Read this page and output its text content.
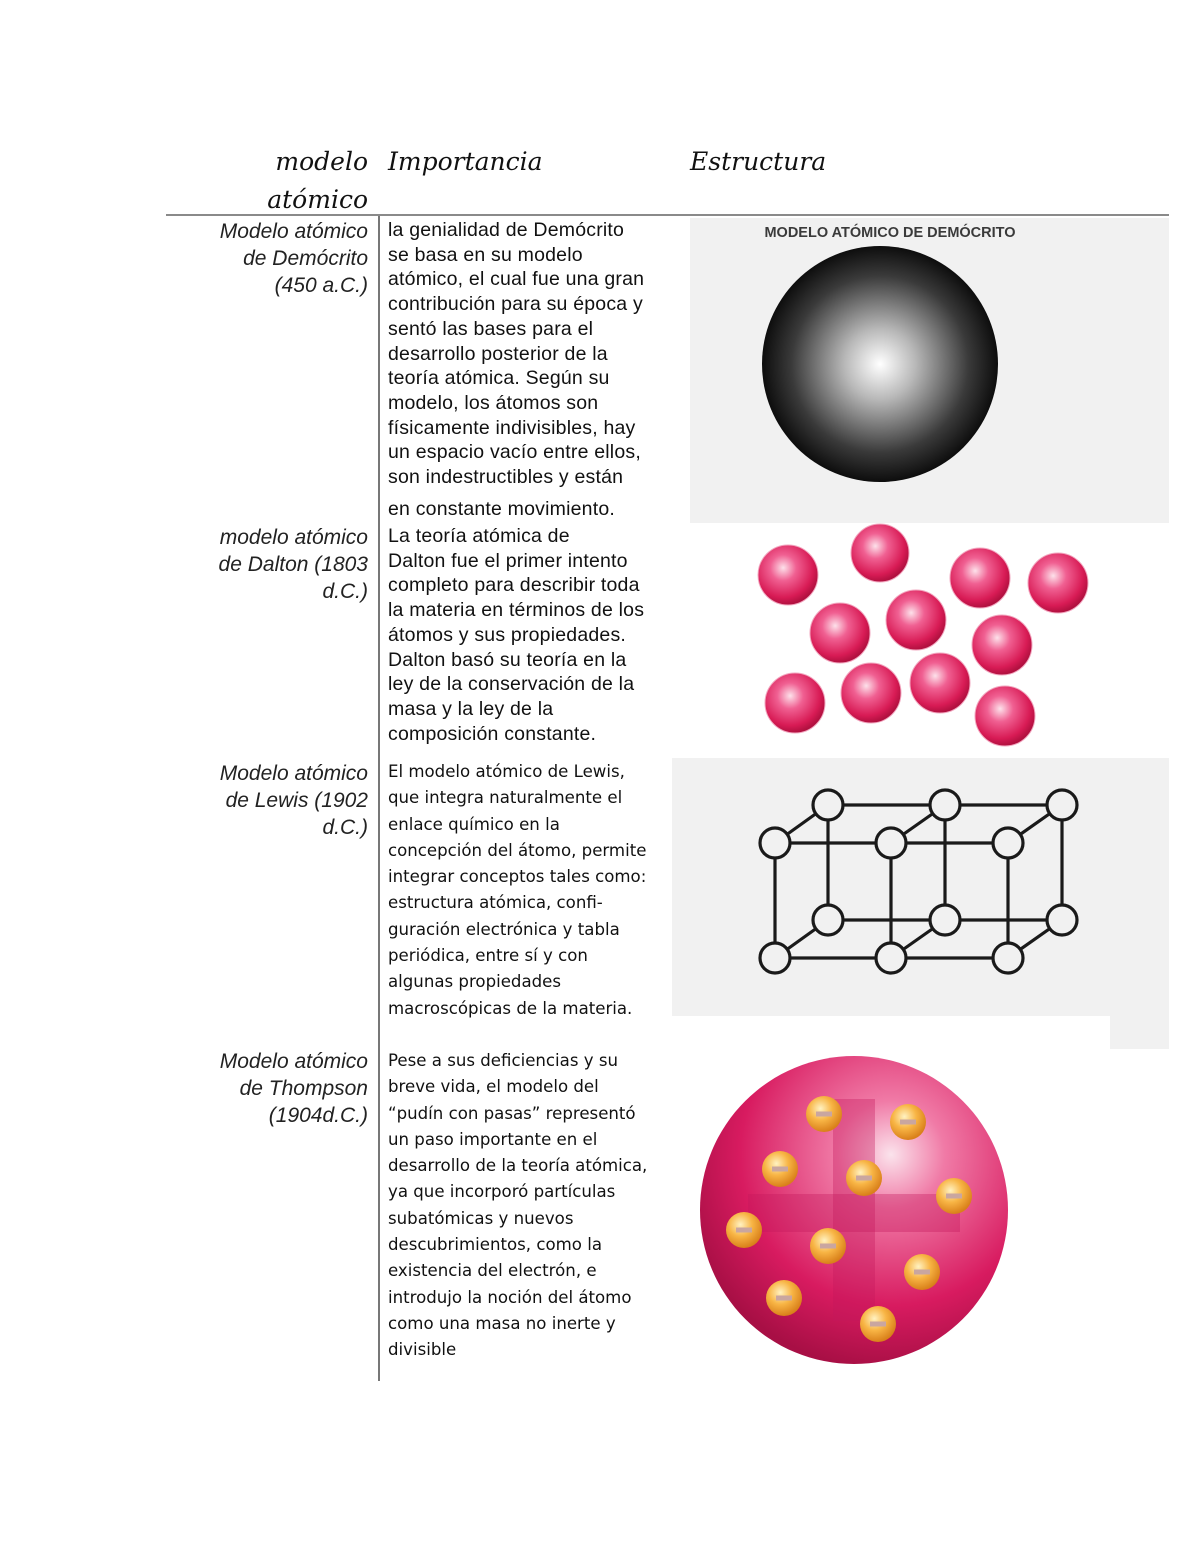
modelo
atómico
Importancia	Estructura
Modelo atómico
de Demócrito
(450 a.C.)
la genialidad de Demócrito
se basa en su modelo
atómico, el cual fue una gran
contribución para su época y
sentó las bases para el
desarrollo posterior de la
teoría atómica. Según su
modelo, los átomos son
físicamente indivisibles, hay
un espacio vacío entre ellos,
son indestructibles y están
en constante movimiento.
MODELO ATÓMICO DE DEMÓCRITO
modelo atómico
de Dalton (1803
d.C.)
La teoría atómica de
Dalton fue el primer intento
completo para describir toda
la materia en términos de los
átomos y sus propiedades.
Dalton basó su teoría en la
ley de la conservación de la
masa y la ley de la
composición constante.
Modelo atómico
de Lewis (1902
d.C.)
El modelo atómico de Lewis,
que integra naturalmente el
enlace químico en la
concepción del átomo, permite
integrar conceptos tales como:
estructura atómica, confi-
guración electrónica y tabla
periódica, entre sí y con
algunas propiedades
macroscópicas de la materia.
Modelo atómico
de Thompson
(1904d.C.)
Pese a sus deficiencias y su
breve vida, el modelo del
“pudín con pasas” representó
un paso importante en el
desarrollo de la teoría atómica,
ya que incorporó partículas
subatómicas y nuevos
descubrimientos, como la
existencia del electrón, e
introdujo la noción del átomo
como una masa no inerte y
divisible
